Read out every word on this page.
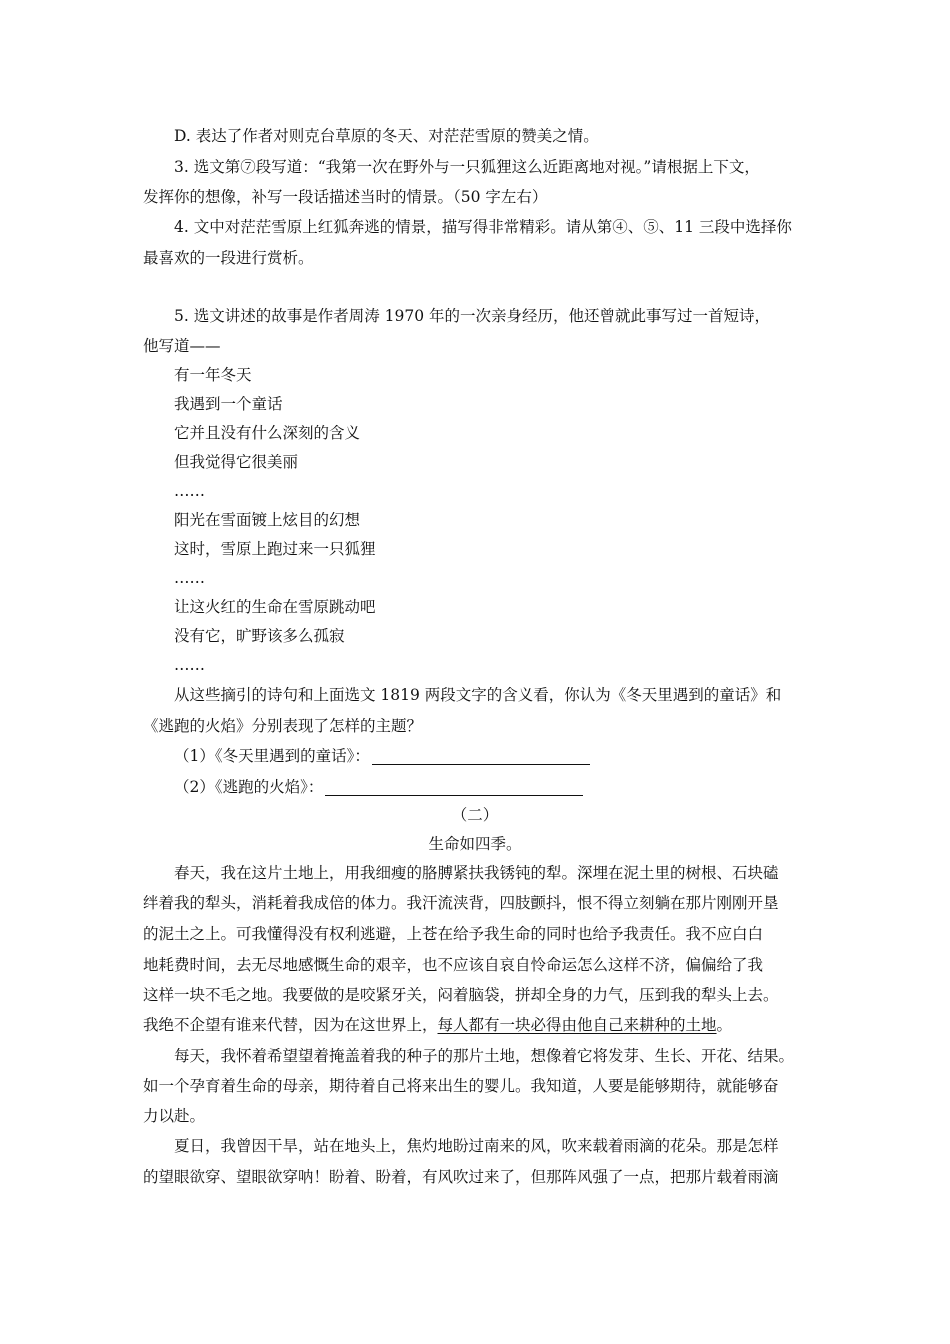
D. 表达了作者对则克台草原的冬天、对茫茫雪原的赞美之情。
3. 选文第⑦段写道：“我第一次在野外与一只狐狸这么近距离地对视。”请根据上下文，
发挥你的想像，补写一段话描述当时的情景。（50 字左右）
4. 文中对茫茫雪原上红狐奔逃的情景，描写得非常精彩。请从第④、⑤、11 三段中选择你
最喜欢的一段进行赏析。
5. 选文讲述的故事是作者周涛 1970 年的一次亲身经历，他还曾就此事写过一首短诗，
他写道——
有一年冬天
我遇到一个童话
它并且没有什么深刻的含义
但我觉得它很美丽
……
阳光在雪面镀上炫目的幻想
这时，雪原上跑过来一只狐狸
……
让这火红的生命在雪原跳动吧
没有它，旷野该多么孤寂
……
从这些摘引的诗句和上面选文 1819 两段文字的含义看，你认为《冬天里遇到的童话》和
《逃跑的火焰》分别表现了怎样的主题？
（1）《冬天里遇到的童话》：
（2）《逃跑的火焰》：
（二）
生命如四季。
春天，我在这片土地上，用我细瘦的胳膊紧扶我锈钝的犁。深埋在泥土里的树根、石块磕
绊着我的犁头，消耗着我成倍的体力。我汗流浃背，四肢颤抖，恨不得立刻躺在那片刚刚开垦
的泥土之上。可我懂得没有权利逃避，上苍在给予我生命的同时也给予我责任。我不应白白
地耗费时间，去无尽地感慨生命的艰辛，也不应该自哀自怜命运怎么这样不济，偏偏给了我
这样一块不毛之地。我要做的是咬紧牙关，闷着脑袋，拼却全身的力气，压到我的犁头上去。
我绝不企望有谁来代替，因为在这世界上，每人都有一块必得由他自己来耕种的土地。
每天，我怀着希望望着掩盖着我的种子的那片土地，想像着它将发芽、生长、开花、结果。
如一个孕育着生命的母亲，期待着自己将来出生的婴儿。我知道，人要是能够期待，就能够奋
力以赴。
夏日，我曾因干旱，站在地头上，焦灼地盼过南来的风，吹来载着雨滴的花朵。那是怎样
的望眼欲穿、望眼欲穿呐！盼着、盼着，有风吹过来了，但那阵风强了一点，把那片载着雨滴
